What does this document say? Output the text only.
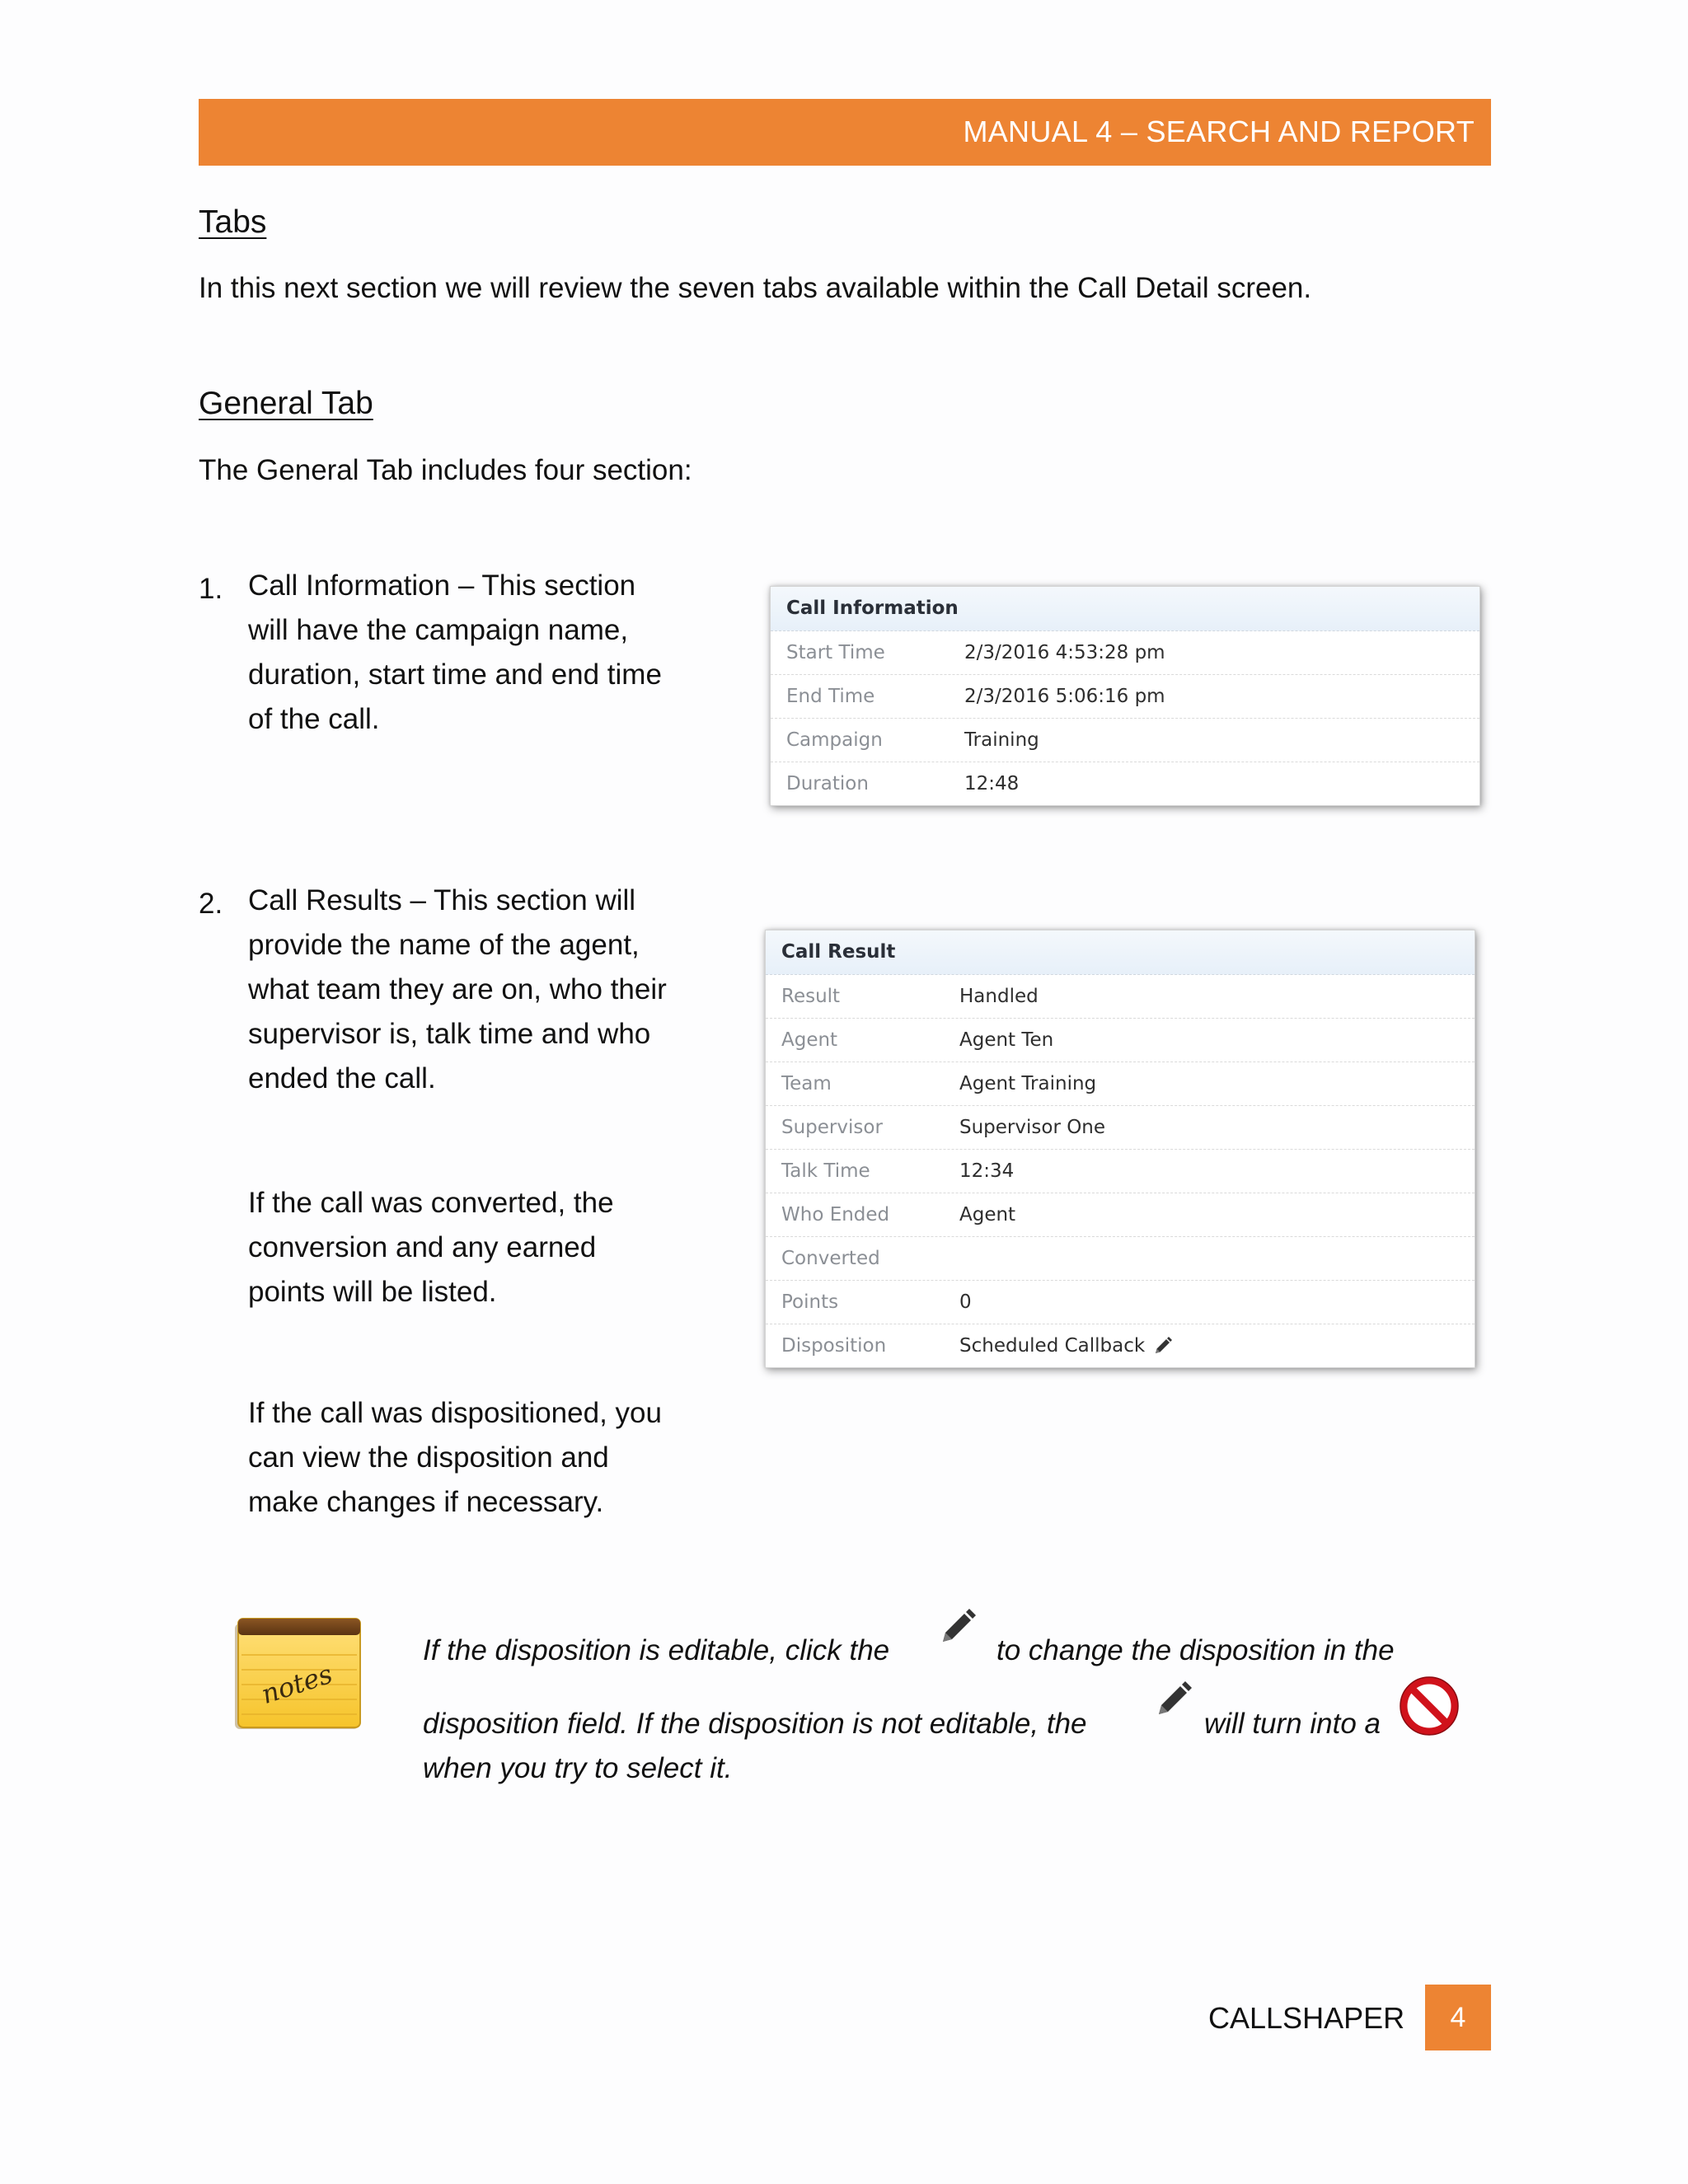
MANUAL 4 – SEARCH AND REPORT
Tabs
In this next section we will review the seven tabs available within the Call Detail screen.
General Tab
The General Tab includes four section:
1. Call Information – This section
will have the campaign name,
duration, start time and end time
of the call.
Call Information
Start Time	2/3/2016 4:53:28 pm
End Time	2/3/2016 5:06:16 pm
Campaign	Training
Duration	12:48
2. Call Results – This section will
provide the name of the agent,
what team they are on, who their
supervisor is, talk time and who
ended the call.
If the call was converted, the
conversion and any earned
points will be listed.
If the call was dispositioned, you
can view the disposition and
make changes if necessary.
Call Result
Result	Handled
Agent	Agent Ten
Team	Agent Training
Supervisor	Supervisor One
Talk Time	12:34
Who Ended	Agent
Converted
Points	0
Disposition	Scheduled Callback
notes
If the disposition is editable, click the	to change the disposition in the
disposition field. If the disposition is not editable, the	will turn into a
when you try to select it.
CALLSHAPER	4
